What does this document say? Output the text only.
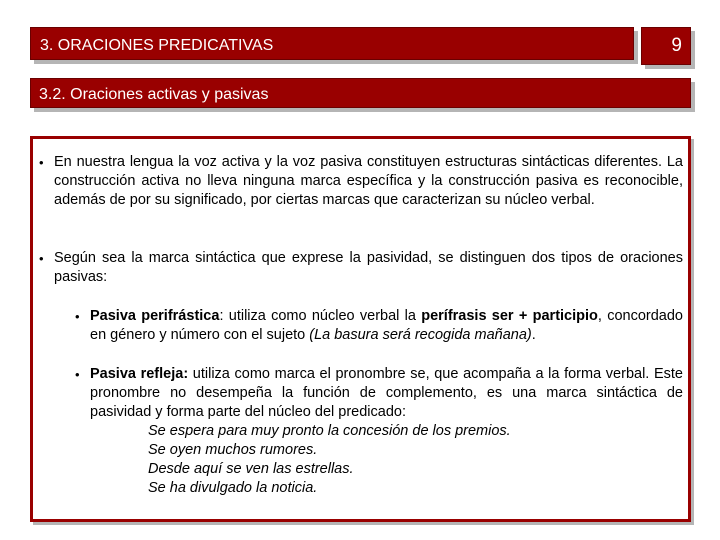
3. ORACIONES PREDICATIVAS	9
3.2. Oraciones activas y pasivas
• En nuestra lengua la voz activa y la voz pasiva constituyen estructuras sintácticas diferentes. La construcción activa no lleva ninguna marca específica y la construcción pasiva es reconocible, además de por su significado, por ciertas marcas que caracterizan su núcleo verbal.
• Según sea la marca sintáctica que exprese la pasividad, se distinguen dos tipos de oraciones pasivas:
• Pasiva perifrástica: utiliza como núcleo verbal la perífrasis ser + participio, concordado en género y número con el sujeto (La basura será recogida mañana).
• Pasiva refleja: utiliza como marca el pronombre se, que acompaña a la forma verbal. Este pronombre no desempeña la función de complemento, es una marca sintáctica de pasividad y forma parte del núcleo del predicado:
Se espera para muy pronto la concesión de los premios.
Se oyen muchos rumores.
Desde aquí se ven las estrellas.
Se ha divulgado la noticia.
